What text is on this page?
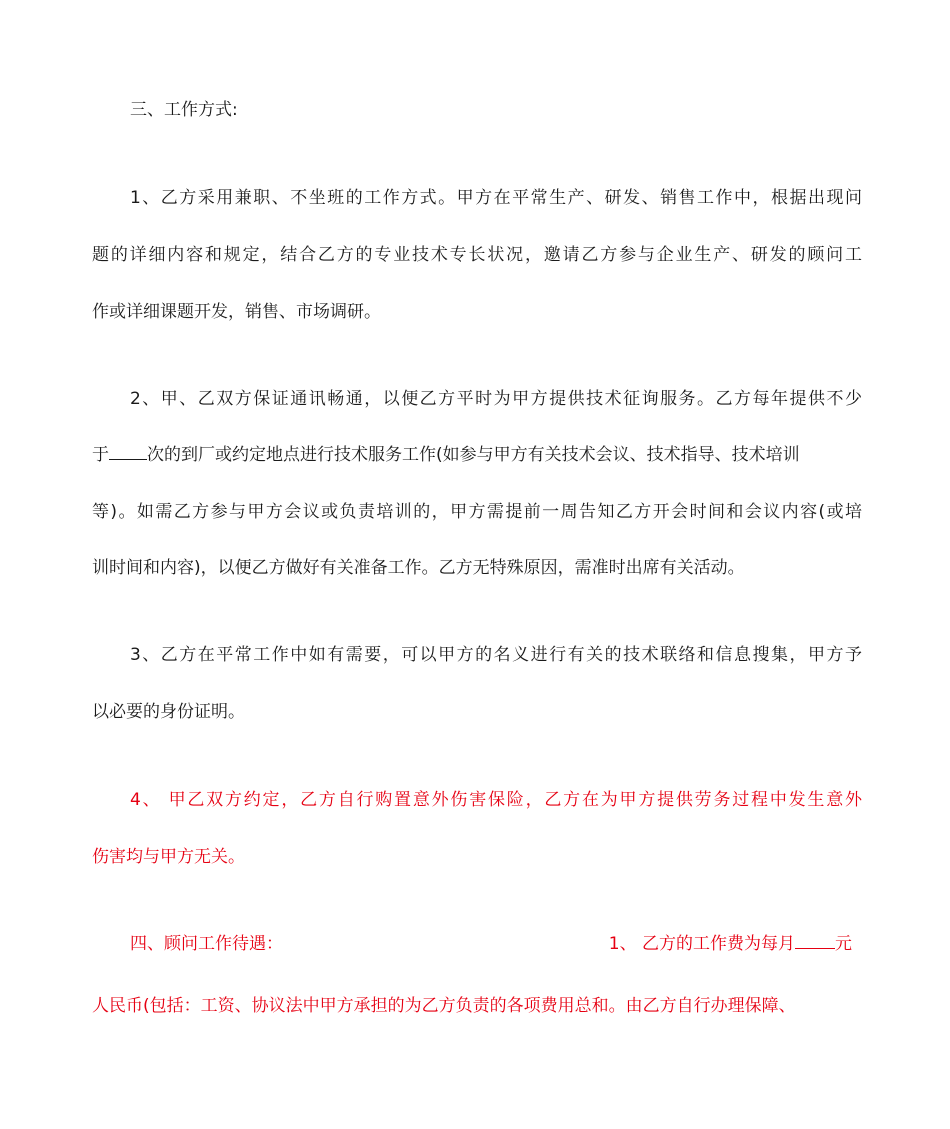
三、工作方式:
1、乙方采用兼职、不坐班的工作方式。甲方在平常生产、研发、销售工作中，根据出现问
题的详细内容和规定，结合乙方的专业技术专长状况，邀请乙方参与企业生产、研发的顾问工
作或详细课题开发，销售、市场调研。
2、甲、乙双方保证通讯畅通，以便乙方平时为甲方提供技术征询服务。乙方每年提供不少
于 次的到厂或约定地点进行技术服务工作(如参与甲方有关技术会议、技术指导、技术培训
等)。如需乙方参与甲方会议或负责培训的，甲方需提前一周告知乙方开会时间和会议内容(或培
训时间和内容)，以便乙方做好有关准备工作。乙方无特殊原因，需准时出席有关活动。
3、乙方在平常工作中如有需要，可以甲方的名义进行有关的技术联络和信息搜集，甲方予
以必要的身份证明。
4、 甲乙双方约定，乙方自行购置意外伤害保险，乙方在为甲方提供劳务过程中发生意外
伤害均与甲方无关。
四、顾问工作待遇：	1、 乙方的工作费为每月 元
人民币(包括：工资、协议法中甲方承担的为乙方负责的各项费用总和。由乙方自行办理保障、
